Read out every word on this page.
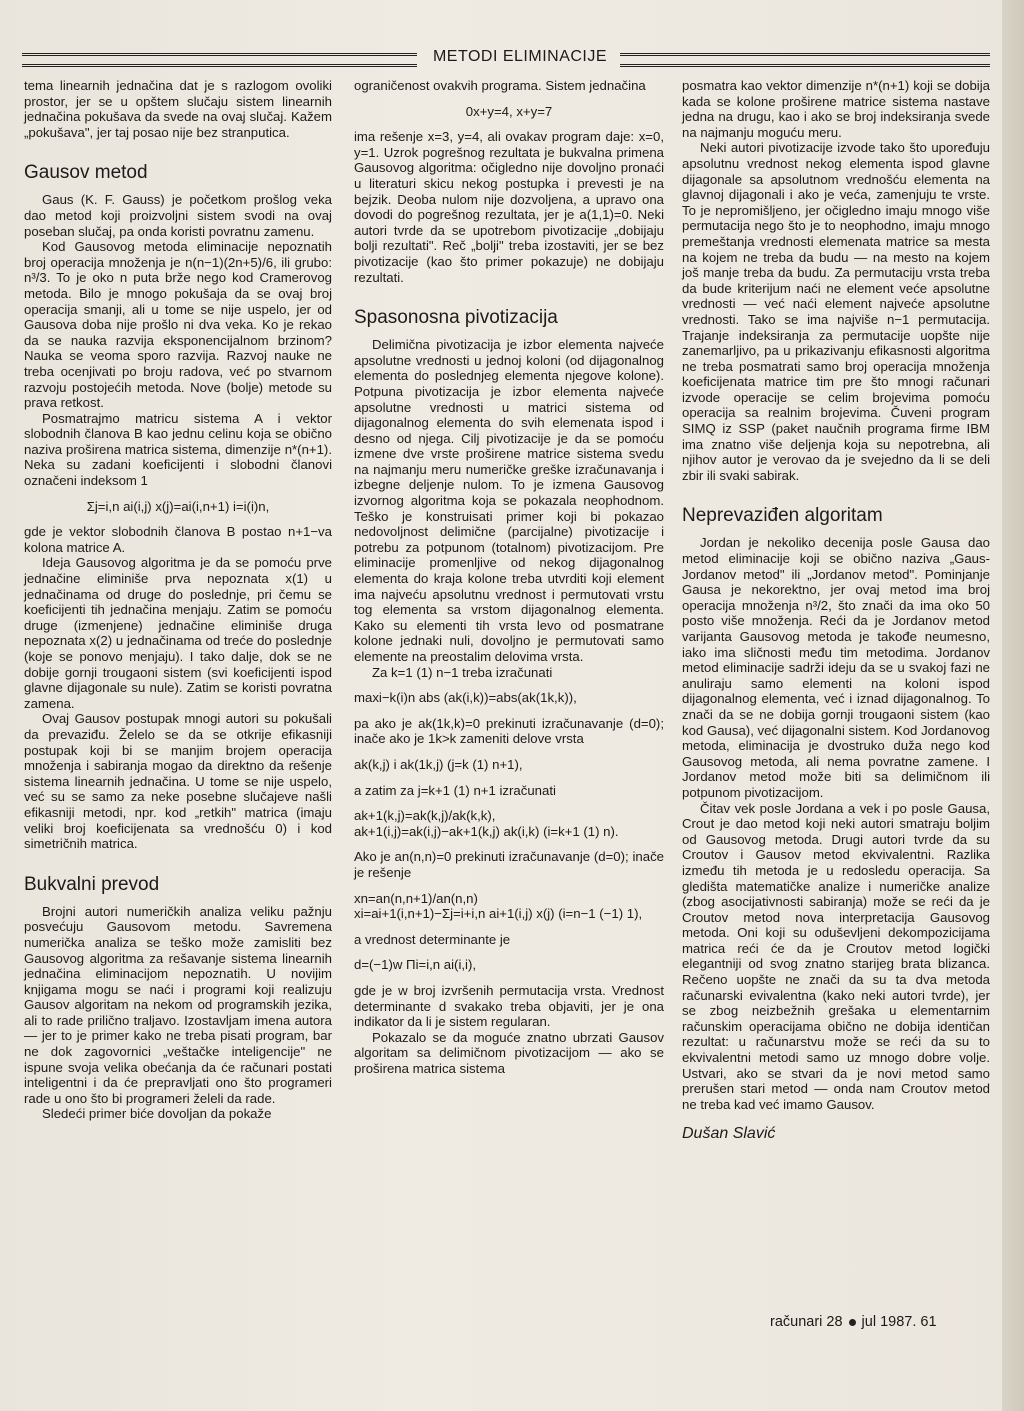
METODI ELIMINACIJE

tema linearnih jednačina dat je s razlogom ovoliki prostor, jer se u opštem slučaju sistem linearnih jednačina pokušava da svede na ovaj slučaj. Kažem „pokušava", jer taj posao nije bez stranputica.

Gausov metod

Gaus (K. F. Gauss) je početkom prošlog veka dao metod koji proizvoljni sistem svodi na ovaj poseban slučaj, pa onda koristi povratnu zamenu.

Kod Gausovog metoda eliminacije nepoznatih broj operacija množenja je n(n−1)(2n+5)/6, ili grubo: n³/3. To je oko n puta brže nego kod Cramerovog metoda. Bilo je mnogo pokušaja da se ovaj broj operacija smanji, ali u tome se nije uspelo, jer od Gausova doba nije prošlo ni dva veka. Ko je rekao da se nauka razvija eksponencijalnom brzinom? Nauka se veoma sporo razvija. Razvoj nauke ne treba ocenjivati po broju radova, već po stvarnom razvoju postojećih metoda. Nove (bolje) metode su prava retkost.

Posmatrajmo matricu sistema A i vektor slobodnih članova B kao jednu celinu koja se obično naziva proširena matrica sistema, dimenzije n*(n+1). Neka su zadani koeficijenti i slobodni članovi označeni indeksom 1

Σj=i,n ai(i,j) x(j)=ai(i,n+1) i=i(i)n,

gde je vektor slobodnih članova B postao n+1−va kolona matrice A.

Ideja Gausovog algoritma je da se pomoću prve jednačine eliminiše prva nepoznata x(1) u jednačinama od druge do poslednje, pri čemu se koeficijenti tih jednačina menjaju. Zatim se pomoću druge (izmenjene) jednačine eliminiše druga nepoznata x(2) u jednačinama od treće do poslednje (koje se ponovo menjaju). I tako dalje, dok se ne dobije gornji trougaoni sistem (svi koeficijenti ispod glavne dijagonale su nule). Zatim se koristi povratna zamena.

Ovaj Gausov postupak mnogi autori su pokušali da prevaziđu. Želelo se da se otkrije efikasniji postupak koji bi se manjim brojem operacija množenja i sabiranja mogao da direktno da rešenje sistema linearnih jednačina. U tome se nije uspelo, već su se samo za neke posebne slučajeve našli efikasniji metodi, npr. kod „retkih" matrica (imaju veliki broj koeficijenata sa vrednošću 0) i kod simetričnih matrica.

Bukvalni prevod

Brojni autori numeričkih analiza veliku pažnju posvećuju Gausovom metodu. Savremena numerička analiza se teško može zamisliti bez Gausovog algoritma za rešavanje sistema linearnih jednačina eliminacijom nepoznatih. U novijim knjigama mogu se naći i programi koji realizuju Gausov algoritam na nekom od programskih jezika, ali to rade prilično traljavo. Izostavljam imena autora — jer to je primer kako ne treba pisati program, bar ne dok zagovornici „veštačke inteligencije" ne ispune svoja velika obećanja da će računari postati inteligentni i da će prepravljati ono što programeri rade u ono što bi programeri želeli da rade.

Sledeći primer biće dovoljan da pokaže

ograničenost ovakvih programa. Sistem jednačina

0x+y=4, x+y=7

ima rešenje x=3, y=4, ali ovakav program daje: x=0, y=1. Uzrok pogrešnog rezultata je bukvalna primena Gausovog algoritma: očigledno nije dovoljno pronaći u literaturi skicu nekog postupka i prevesti je na bejzik. Deoba nulom nije dozvoljena, a upravo ona dovodi do pogrešnog rezultata, jer je a(1,1)=0. Neki autori tvrde da se upotrebom pivotizacije „dobijaju bolji rezultati". Reč „bolji" treba izostaviti, jer se bez pivotizacije (kao što primer pokazuje) ne dobijaju rezultati.

Spasonosna pivotizacija

Delimična pivotizacija je izbor elementa najveće apsolutne vrednosti u jednoj koloni (od dijagonalnog elementa do poslednjeg elementa njegove kolone). Potpuna pivotizacija je izbor elementa najveće apsolutne vrednosti u matrici sistema od dijagonalnog elementa do svih elemenata ispod i desno od njega. Cilj pivotizacije je da se pomoću izmene dve vrste proširene matrice sistema svedu na najmanju meru numeričke greške izračunavanja i izbegne deljenje nulom. To je izmena Gausovog izvornog algoritma koja se pokazala neophodnom. Teško je konstruisati primer koji bi pokazao nedovoljnost delimične (parcijalne) pivotizacije i potrebu za potpunom (totalnom) pivotizacijom. Pre eliminacije promenljive od nekog dijagonalnog elementa do kraja kolone treba utvrditi koji element ima najveću apsolutnu vrednost i permutovati vrstu tog elementa sa vrstom dijagonalnog elementa. Kako su elementi tih vrsta levo od posmatrane kolone jednaki nuli, dovoljno je permutovati samo elemente na preostalim delovima vrsta.

Za k=1 (1) n−1 treba izračunati

maxi−k(i)n abs (ak(i,k))=abs(ak(1k,k)),

pa ako je ak(1k,k)=0 prekinuti izračunavanje (d=0); inače ako je 1k>k zameniti delove vrsta

ak(k,j) i ak(1k,j) (j=k (1) n+1),

a zatim za j=k+1 (1) n+1 izračunati

ak+1(k,j)=ak(k,j)/ak(k,k),
ak+1(i,j)=ak(i,j)−ak+1(k,j) ak(i,k) (i=k+1 (1) n).

Ako je an(n,n)=0 prekinuti izračunavanje (d=0); inače je rešenje

xn=an(n,n+1)/an(n,n)
xi=ai+1(i,n+1)−Σj=i+i,n ai+1(i,j) x(j) (i=n−1 (−1) 1),

a vrednost determinante je

d=(−1)w Πi=i,n ai(i,i),

gde je w broj izvršenih permutacija vrsta. Vrednost determinante d svakako treba objaviti, jer je ona indikator da li je sistem regularan.

Pokazalo se da moguće znatno ubrzati Gausov algoritam sa delimičnom pivotizacijom — ako se proširena matrica sistema

posmatra kao vektor dimenzije n*(n+1) koji se dobija kada se kolone proširene matrice sistema nastave jedna na drugu, kao i ako se broj indeksiranja svede na najmanju moguću meru.

Neki autori pivotizacije izvode tako što upoređuju apsolutnu vrednost nekog elementa ispod glavne dijagonale sa apsolutnom vrednošću elementa na glavnoj dijagonali i ako je veća, zamenjuju te vrste. To je nepromišljeno, jer očigledno imaju mnogo više permutacija nego što je to neophodno, imaju mnogo premeštanja vrednosti elemenata matrice sa mesta na kojem ne treba da budu — na mesto na kojem još manje treba da budu. Za permutaciju vrsta treba da bude kriterijum naći ne element veće apsolutne vrednosti — već naći element najveće apsolutne vrednosti. Tako se ima najviše n−1 permutacija. Trajanje indeksiranja za permutacije uopšte nije zanemarljivo, pa u prikazivanju efikasnosti algoritma ne treba posmatrati samo broj operacija množenja koeficijenata matrice tim pre što mnogi računari izvode operacije se celim brojevima pomoću operacija sa realnim brojevima. Čuveni program SIMQ iz SSP (paket naučnih programa firme IBM ima znatno više deljenja koja su nepotrebna, ali njihov autor je verovao da je svejedno da li se deli zbir ili svaki sabirak.

Neprevaziđen algoritam

Jordan je nekoliko decenija posle Gausa dao metod eliminacije koji se obično naziva „Gaus-Jordanov metod" ili „Jordanov metod". Pominjanje Gausa je nekorektno, jer ovaj metod ima broj operacija množenja n³/2, što znači da ima oko 50 posto više množenja. Reći da je Jordanov metod varijanta Gausovog metoda je takođe neumesno, iako ima sličnosti među tim metodima. Jordanov metod eliminacije sadrži ideju da se u svakoj fazi ne anuliraju samo elementi na koloni ispod dijagonalnog elementa, već i iznad dijagonalnog. To znači da se ne dobija gornji trougaoni sistem (kao kod Gausa), već dijagonalni sistem. Kod Jordanovog metoda, eliminacija je dvostruko duža nego kod Gausovog metoda, ali nema povratne zamene. I Jordanov metod može biti sa delimičnom ili potpunom pivotizacijom.

Čitav vek posle Jordana a vek i po posle Gausa, Crout je dao metod koji neki autori smatraju boljim od Gausovog metoda. Drugi autori tvrde da su Croutov i Gausov metod ekvivalentni. Razlika između tih metoda je u redosledu operacija. Sa gledišta matematičke analize i numeričke analize (zbog asocijativnosti sabiranja) može se reći da je Croutov metod nova interpretacija Gausovog metoda. Oni koji su oduševljeni dekompozicijama matrica reći će da je Croutov metod logički elegantniji od svog znatno starijeg brata blizanca. Rečeno uopšte ne znači da su ta dva metoda računarski evivalentna (kako neki autori tvrde), jer se zbog neizbežnih grešaka u elementarnim računskim operacijama obično ne dobija identičan rezultat: u računarstvu može se reći da su to ekvivalentni metodi samo uz mnogo dobre volje. Ustvari, ako se stvari da je novi metod samo prerušen stari metod — onda nam Croutov metod ne treba kad već imamo Gausov.

Dušan Slavić
računari 28 jul 1987. 61
